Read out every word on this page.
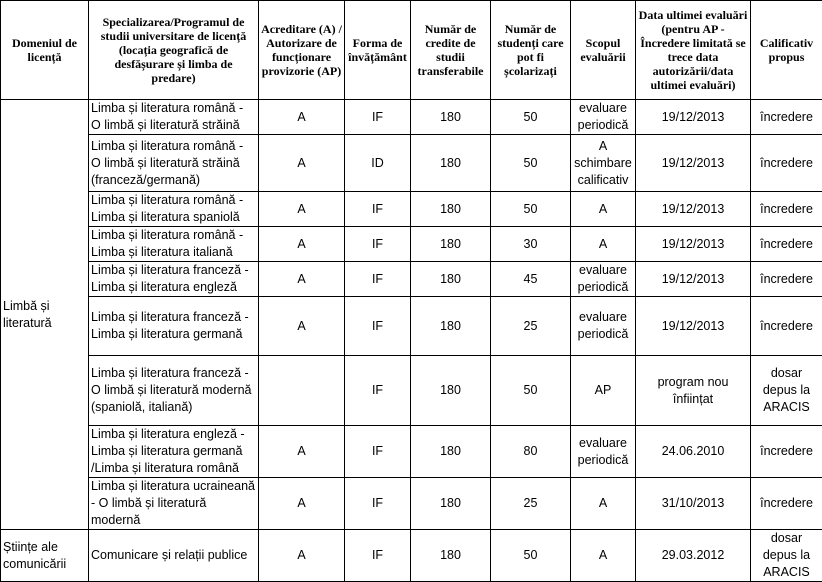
Domeniul de licență	Specializarea/Programul de studii universitare de licență (locația geografică de desfășurare și limba de predare)	Acreditare (A) / Autorizare de funcționare provizorie (AP)	Forma de învățământ	Număr de credite de studii transferabile	Număr de studenți care pot fi școlarizați	Scopul evaluării	Data ultimei evaluări (pentru AP - Încredere limitată se trece data autorizării/data ultimei evaluări)	Calificativ propus
Limbă și literatură	Limba și literatura română - O limbă și literatură străină	A	IF	180	50	evaluare periodică	19/12/2013	încredere
	Limba și literatura română - O limbă și literatură străină (franceză/germană)	A	ID	180	50	A schimbare calificativ	19/12/2013	încredere
	Limba și literatura română - Limba și literatura spaniolă	A	IF	180	50	A	19/12/2013	încredere
	Limba și literatura română - Limba și literatura italiană	A	IF	180	30	A	19/12/2013	încredere
	Limba și literatura franceză - Limba și literatura engleză	A	IF	180	45	evaluare periodică	19/12/2013	încredere
	Limba și literatura franceză - Limba și literatura germană	A	IF	180	25	evaluare periodică	19/12/2013	încredere
	Limba și literatura franceză - O limbă și literatură modernă (spaniolă, italiană)		IF	180	50	AP	program nou înființat	dosar depus la ARACIS
	Limba și literatura engleză - Limba și literatura germană /Limba și literatura română	A	IF	180	80	evaluare periodică	24.06.2010	încredere
	Limba și literatura ucraineană - O limbă și literatură modernă	A	IF	180	25	A	31/10/2013	încredere
Științe ale comunicării	Comunicare și relații publice	A	IF	180	50	A	29.03.2012	dosar depus la ARACIS
